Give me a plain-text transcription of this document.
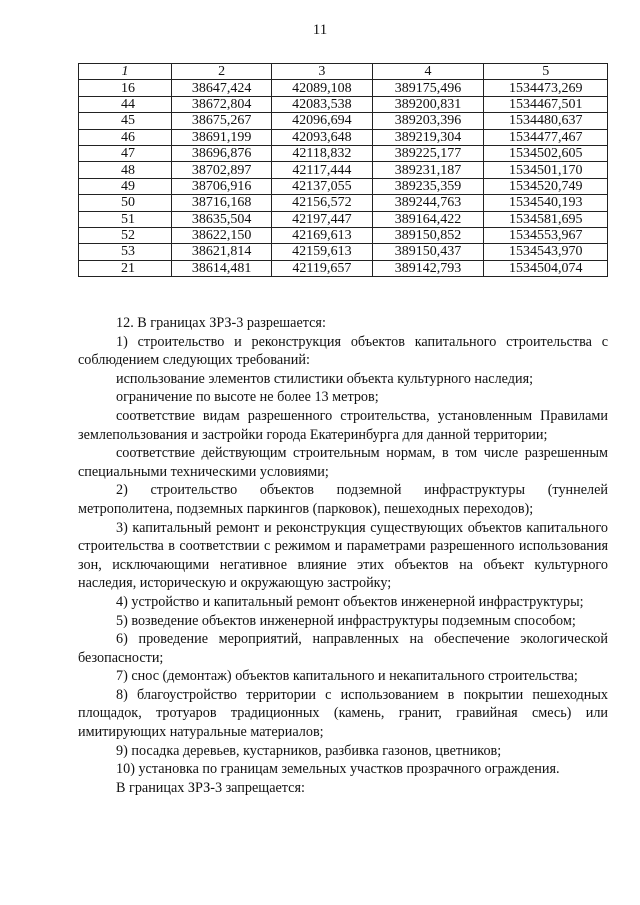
11
1	2	3	4	5
16	38647,424	42089,108	389175,496	1534473,269
44	38672,804	42083,538	389200,831	1534467,501
45	38675,267	42096,694	389203,396	1534480,637
46	38691,199	42093,648	389219,304	1534477,467
47	38696,876	42118,832	389225,177	1534502,605
48	38702,897	42117,444	389231,187	1534501,170
49	38706,916	42137,055	389235,359	1534520,749
50	38716,168	42156,572	389244,763	1534540,193
51	38635,504	42197,447	389164,422	1534581,695
52	38622,150	42169,613	389150,852	1534553,967
53	38621,814	42159,613	389150,437	1534543,970
21	38614,481	42119,657	389142,793	1534504,074

12. В границах ЗРЗ-3 разрешается:

1) строительство и реконструкция объектов капитального строительства с соблюдением следующих требований:

использование элементов стилистики объекта культурного наследия;

ограничение по высоте не более 13 метров;

соответствие видам разрешенного строительства, установленным Правилами землепользования и застройки города Екатеринбурга для данной территории;

соответствие действующим строительным нормам, в том числе разрешенным специальными техническими условиями;

2) строительство объектов подземной инфраструктуры (туннелей метрополитена, подземных паркингов (парковок), пешеходных переходов);

3) капитальный ремонт и реконструкция существующих объектов капитального строительства в соответствии с режимом и параметрами разрешенного использования зон, исключающими негативное влияние этих объектов на объект культурного наследия, историческую и окружающую застройку;

4) устройство и капитальный ремонт объектов инженерной инфраструктуры;

5) возведение объектов инженерной инфраструктуры подземным способом;

6) проведение мероприятий, направленных на обеспечение экологической безопасности;

7) снос (демонтаж) объектов капитального и некапитального строительства;

8) благоустройство территории с использованием в покрытии пешеходных площадок, тротуаров традиционных (камень, гранит, гравийная смесь) или имитирующих натуральные материалов;

9) посадка деревьев, кустарников, разбивка газонов, цветников;

10) установка по границам земельных участков прозрачного ограждения.

В границах ЗРЗ-3 запрещается:
